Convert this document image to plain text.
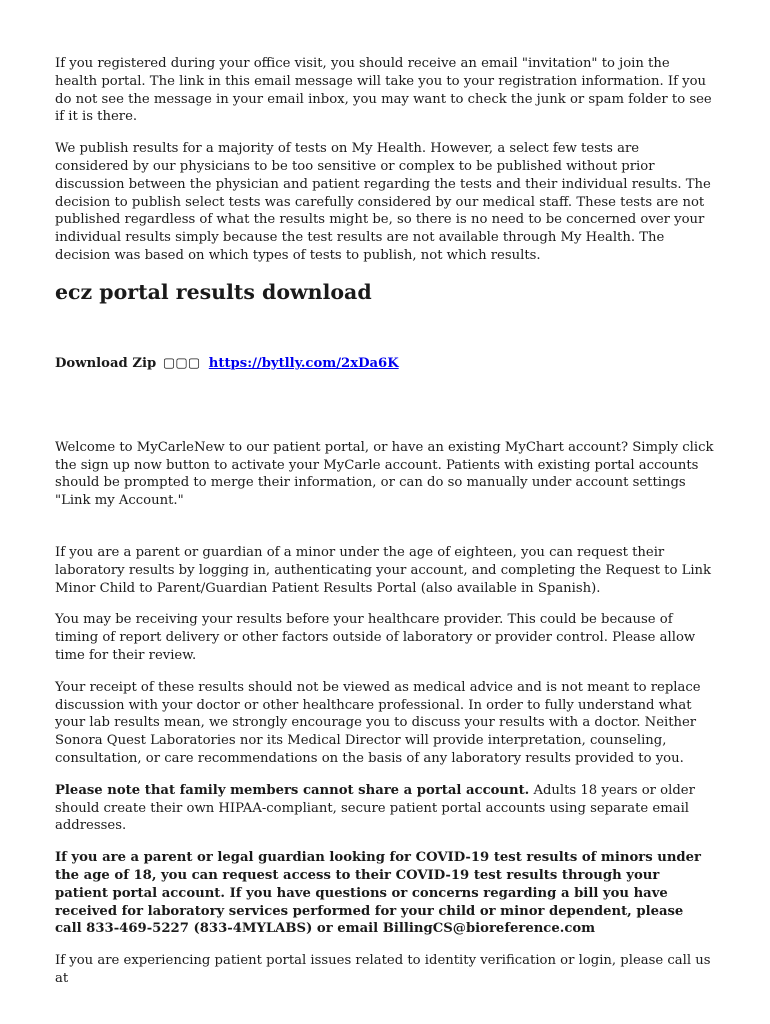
If you registered during your office visit, you should receive an email "invitation" to join the health portal. The link in this email message will take you to your registration information. If you do not see the message in your email inbox, you may want to check the junk or spam folder to see if it is there.

We publish results for a majority of tests on My Health. However, a select few tests are considered by our physicians to be too sensitive or complex to be published without prior discussion between the physician and patient regarding the tests and their individual results. The decision to publish select tests was carefully considered by our medical staff. These tests are not published regardless of what the results might be, so there is no need to be concerned over your individual results simply because the test results are not available through My Health. The decision was based on which types of tests to publish, not which results.

ecz portal results download
Download Zip ▢▢▢ https://bytlly.com/2xDa6K

Welcome to MyCarleNew to our patient portal, or have an existing MyChart account? Simply click the sign up now button to activate your MyCarle account. Patients with existing portal accounts should be prompted to merge their information, or can do so manually under account settings "Link my Account."

If you are a parent or guardian of a minor under the age of eighteen, you can request their laboratory results by logging in, authenticating your account, and completing the Request to Link Minor Child to Parent/Guardian Patient Results Portal (also available in Spanish).

You may be receiving your results before your healthcare provider. This could be because of timing of report delivery or other factors outside of laboratory or provider control. Please allow time for their review.

Your receipt of these results should not be viewed as medical advice and is not meant to replace discussion with your doctor or other healthcare professional. In order to fully understand what your lab results mean, we strongly encourage you to discuss your results with a doctor. Neither Sonora Quest Laboratories nor its Medical Director will provide interpretation, counseling, consultation, or care recommendations on the basis of any laboratory results provided to you.

Please note that family members cannot share a portal account. Adults 18 years or older should create their own HIPAA-compliant, secure patient portal accounts using separate email addresses.

If you are a parent or legal guardian looking for COVID-19 test results of minors under the age of 18, you can request access to their COVID-19 test results through your patient portal account. If you have questions or concerns regarding a bill you have received for laboratory services performed for your child or minor dependent, please call 833-469-5227 (833-4MYLABS) or email BillingCS@bioreference.com

If you are experiencing patient portal issues related to identity verification or login, please call us at
